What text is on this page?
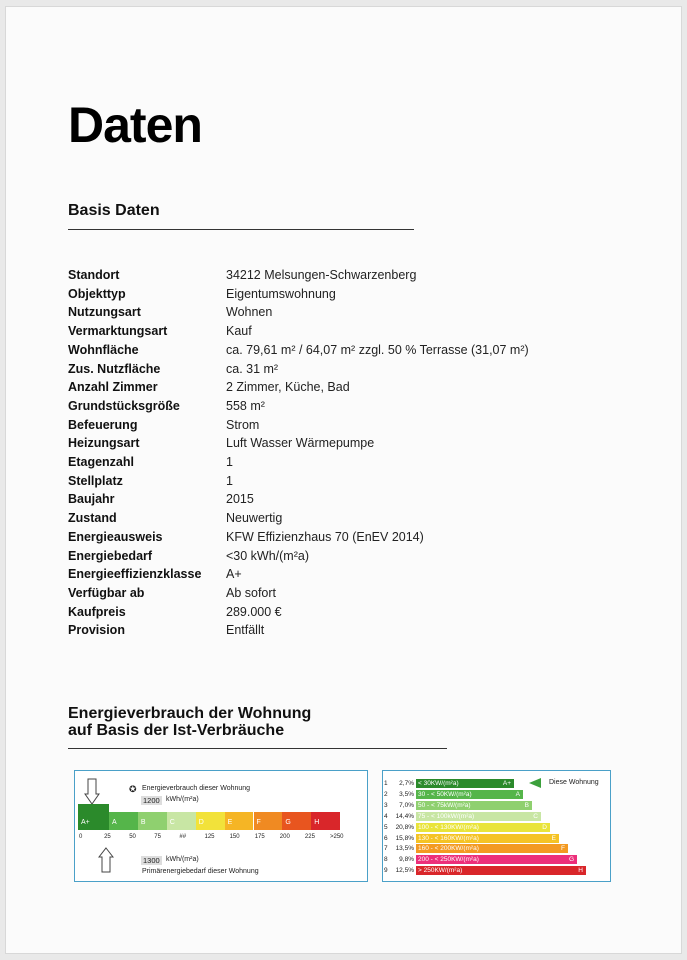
Daten
Basis Daten
Standort	34212 Melsungen-Schwarzenberg
Objekttyp	Eigentumswohnung
Nutzungsart	Wohnen
Vermarktungsart	Kauf
Wohnfläche	ca. 79,61 m² / 64,07 m² zzgl. 50 % Terrasse (31,07 m²)
Zus. Nutzfläche	ca. 31 m²
Anzahl Zimmer	2 Zimmer, Küche, Bad
Grundstücksgröße	558 m²
Befeuerung	Strom
Heizungsart	Luft Wasser Wärmepumpe
Etagenzahl	1
Stellplatz	1
Baujahr	2015
Zustand	Neuwertig
Energieausweis	KFW Effizienzhaus 70 (EnEV 2014)
Energiebedarf	<30 kWh/(m²a)
Energieeffizienzklasse A+
Verfügbar ab	Ab sofort
Kaufpreis	289.000 €
Provision	Entfällt
Energieverbrauch der Wohnung
auf Basis der Ist-Verbräuche
✪ Energieverbrauch dieser Wohnung
1200 kWh/(m²a)
A+	A	B	C	D	E	F	G	H
0	25	50	75	##	125	150	175	200	225	>250
1300 kWh/(m²a)
Primärenergiebedarf dieser Wohnung
1	2,7% < 30KW/(m²a)	A+
2	3,5% 30 - < 50KW/(m²a)	A
3	7,0% 50 - < 75kW/(m²a)	B
4	14,4% 75 - < 100kW/(m²a)	C
5	20,8% 100 - < 130KW/(m²a)	D
6	15,8% 130 - < 160KW/(m²a)	E
7	13,5% 160 - < 200KW/(m²a)	F
8	9,8% 200 - < 250KW/(m²a)	G
9	12,5% > 250KW/(m²a)	H
Diese Wohnung
